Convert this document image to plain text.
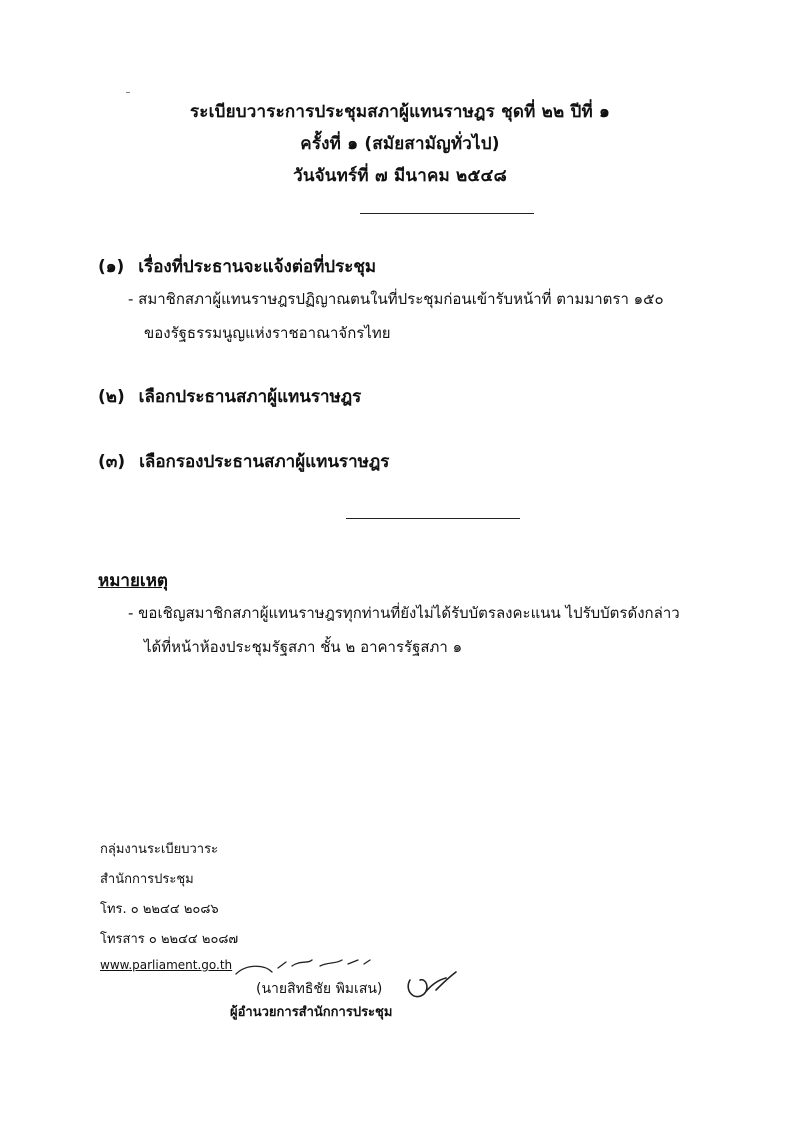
ระเบียบวาระการประชุมสภาผู้แทนราษฎร ชุดที่ ๒๒ ปีที่ ๑
ครั้งที่ ๑ (สมัยสามัญทั่วไป)
วันจันทร์ที่ ๗ มีนาคม ๒๕๔๘
(๑) เรื่องที่ประธานจะแจ้งต่อที่ประชุม
- สมาชิกสภาผู้แทนราษฎรปฏิญาณตนในที่ประชุมก่อนเข้ารับหน้าที่ ตามมาตรา ๑๕๐
ของรัฐธรรมนูญแห่งราชอาณาจักรไทย
(๒) เลือกประธานสภาผู้แทนราษฎร
(๓) เลือกรองประธานสภาผู้แทนราษฎร
หมายเหตุ
- ขอเชิญสมาชิกสภาผู้แทนราษฎรทุกท่านที่ยังไม่ได้รับบัตรลงคะแนน ไปรับบัตรดังกล่าว
ได้ที่หน้าห้องประชุมรัฐสภา ชั้น ๒ อาคารรัฐสภา ๑
กลุ่มงานระเบียบวาระ
สำนักการประชุม
โทร. ๐ ๒๒๔๔ ๒๐๘๖
โทรสาร ๐ ๒๒๔๔ ๒๐๘๗
www.parliament.go.th
(นายสิทธิชัย พิมเสน)
ผู้อำนวยการสำนักการประชุม
